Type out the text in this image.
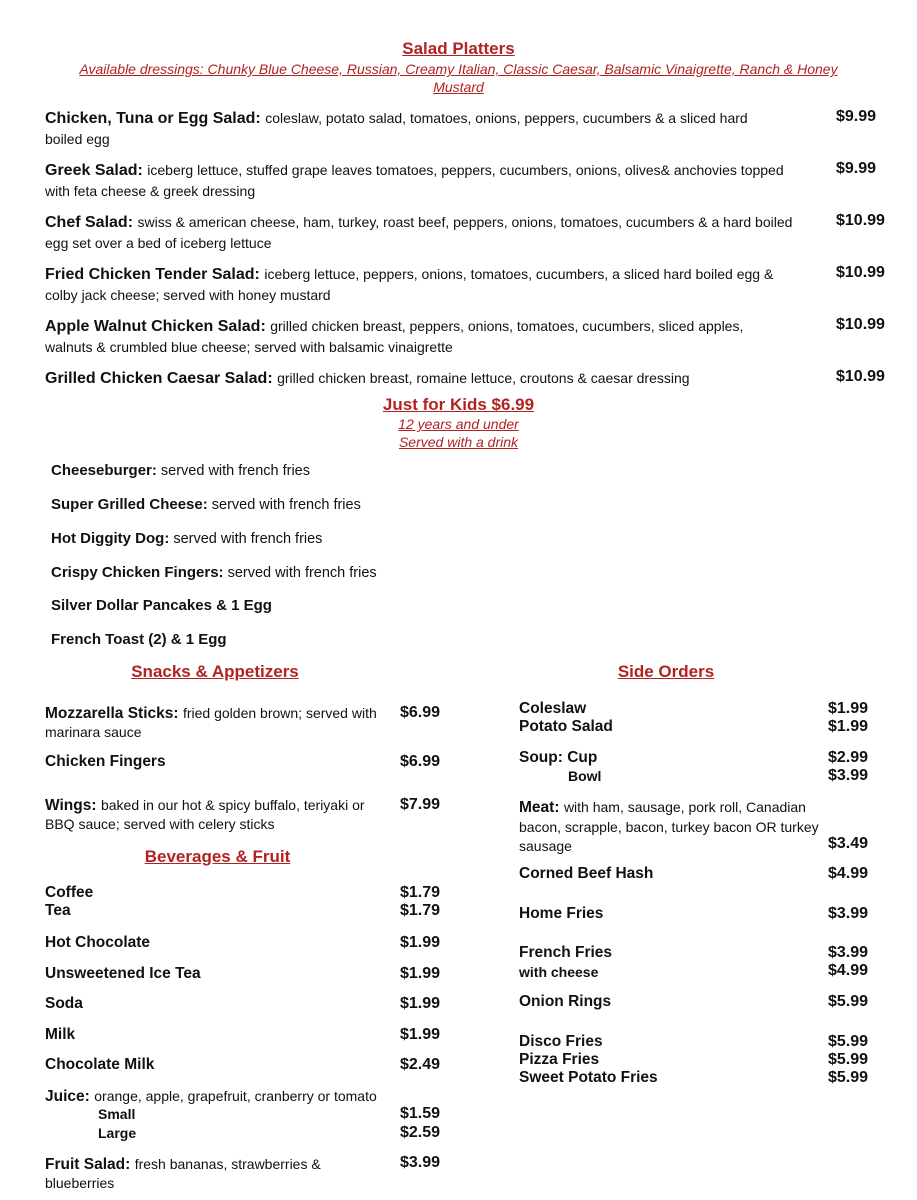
Salad Platters
Available dressings: Chunky Blue Cheese, Russian, Creamy Italian, Classic Caesar, Balsamic Vinaigrette, Ranch & Honey
Mustard
Chicken, Tuna or Egg Salad: coleslaw, potato salad, tomatoes, onions, peppers, cucumbers & a sliced hard
boiled egg
$9.99
Greek Salad: iceberg lettuce, stuffed grape leaves tomatoes, peppers, cucumbers, onions, olives& anchovies topped
with feta cheese & greek dressing
$9.99
Chef Salad: swiss & american cheese, ham, turkey, roast beef, peppers, onions, tomatoes, cucumbers & a hard boiled
egg set over a bed of iceberg lettuce
$10.99
Fried Chicken Tender Salad: iceberg lettuce, peppers, onions, tomatoes, cucumbers, a sliced hard boiled egg &
colby jack cheese; served with honey mustard
$10.99
Apple Walnut Chicken Salad: grilled chicken breast, peppers, onions, tomatoes, cucumbers, sliced apples,
walnuts & crumbled blue cheese; served with balsamic vinaigrette
$10.99
Grilled Chicken Caesar Salad: grilled chicken breast, romaine lettuce, croutons & caesar dressing	$10.99
Just for Kids $6.99
12 years and under
Served with a drink
Cheeseburger: served with french fries
Super Grilled Cheese: served with french fries
Hot Diggity Dog: served with french fries
Crispy Chicken Fingers: served with french fries
Silver Dollar Pancakes & 1 Egg
French Toast (2) & 1 Egg
Snacks & Appetizers
Mozzarella Sticks: fried golden brown; served with
marinara sauce
$6.99
Chicken Fingers	$6.99
Wings: baked in our hot & spicy buffalo, teriyaki or
BBQ sauce; served with celery sticks
$7.99
Beverages & Fruit
Coffee	$1.79
Tea	$1.79
Hot Chocolate	$1.99
Unsweetened Ice Tea	$1.99
Soda	$1.99
Milk	$1.99
Chocolate Milk	$2.49
Juice: orange, apple, grapefruit, cranberry or tomato
Small	$1.59
Large	$2.59
Fruit Salad: fresh bananas, strawberries &
blueberries
$3.99
Side Orders
Coleslaw	$1.99
Potato Salad	$1.99
Soup: Cup	$2.99
Bowl	$3.99
Meat: with ham, sausage, pork roll, Canadian
bacon, scrapple, bacon, turkey bacon OR turkey
sausage	$3.49
Corned Beef Hash	$4.99
Home Fries	$3.99
French Fries	$3.99
with cheese	$4.99
Onion Rings	$5.99
Disco Fries	$5.99
Pizza Fries	$5.99
Sweet Potato Fries	$5.99
